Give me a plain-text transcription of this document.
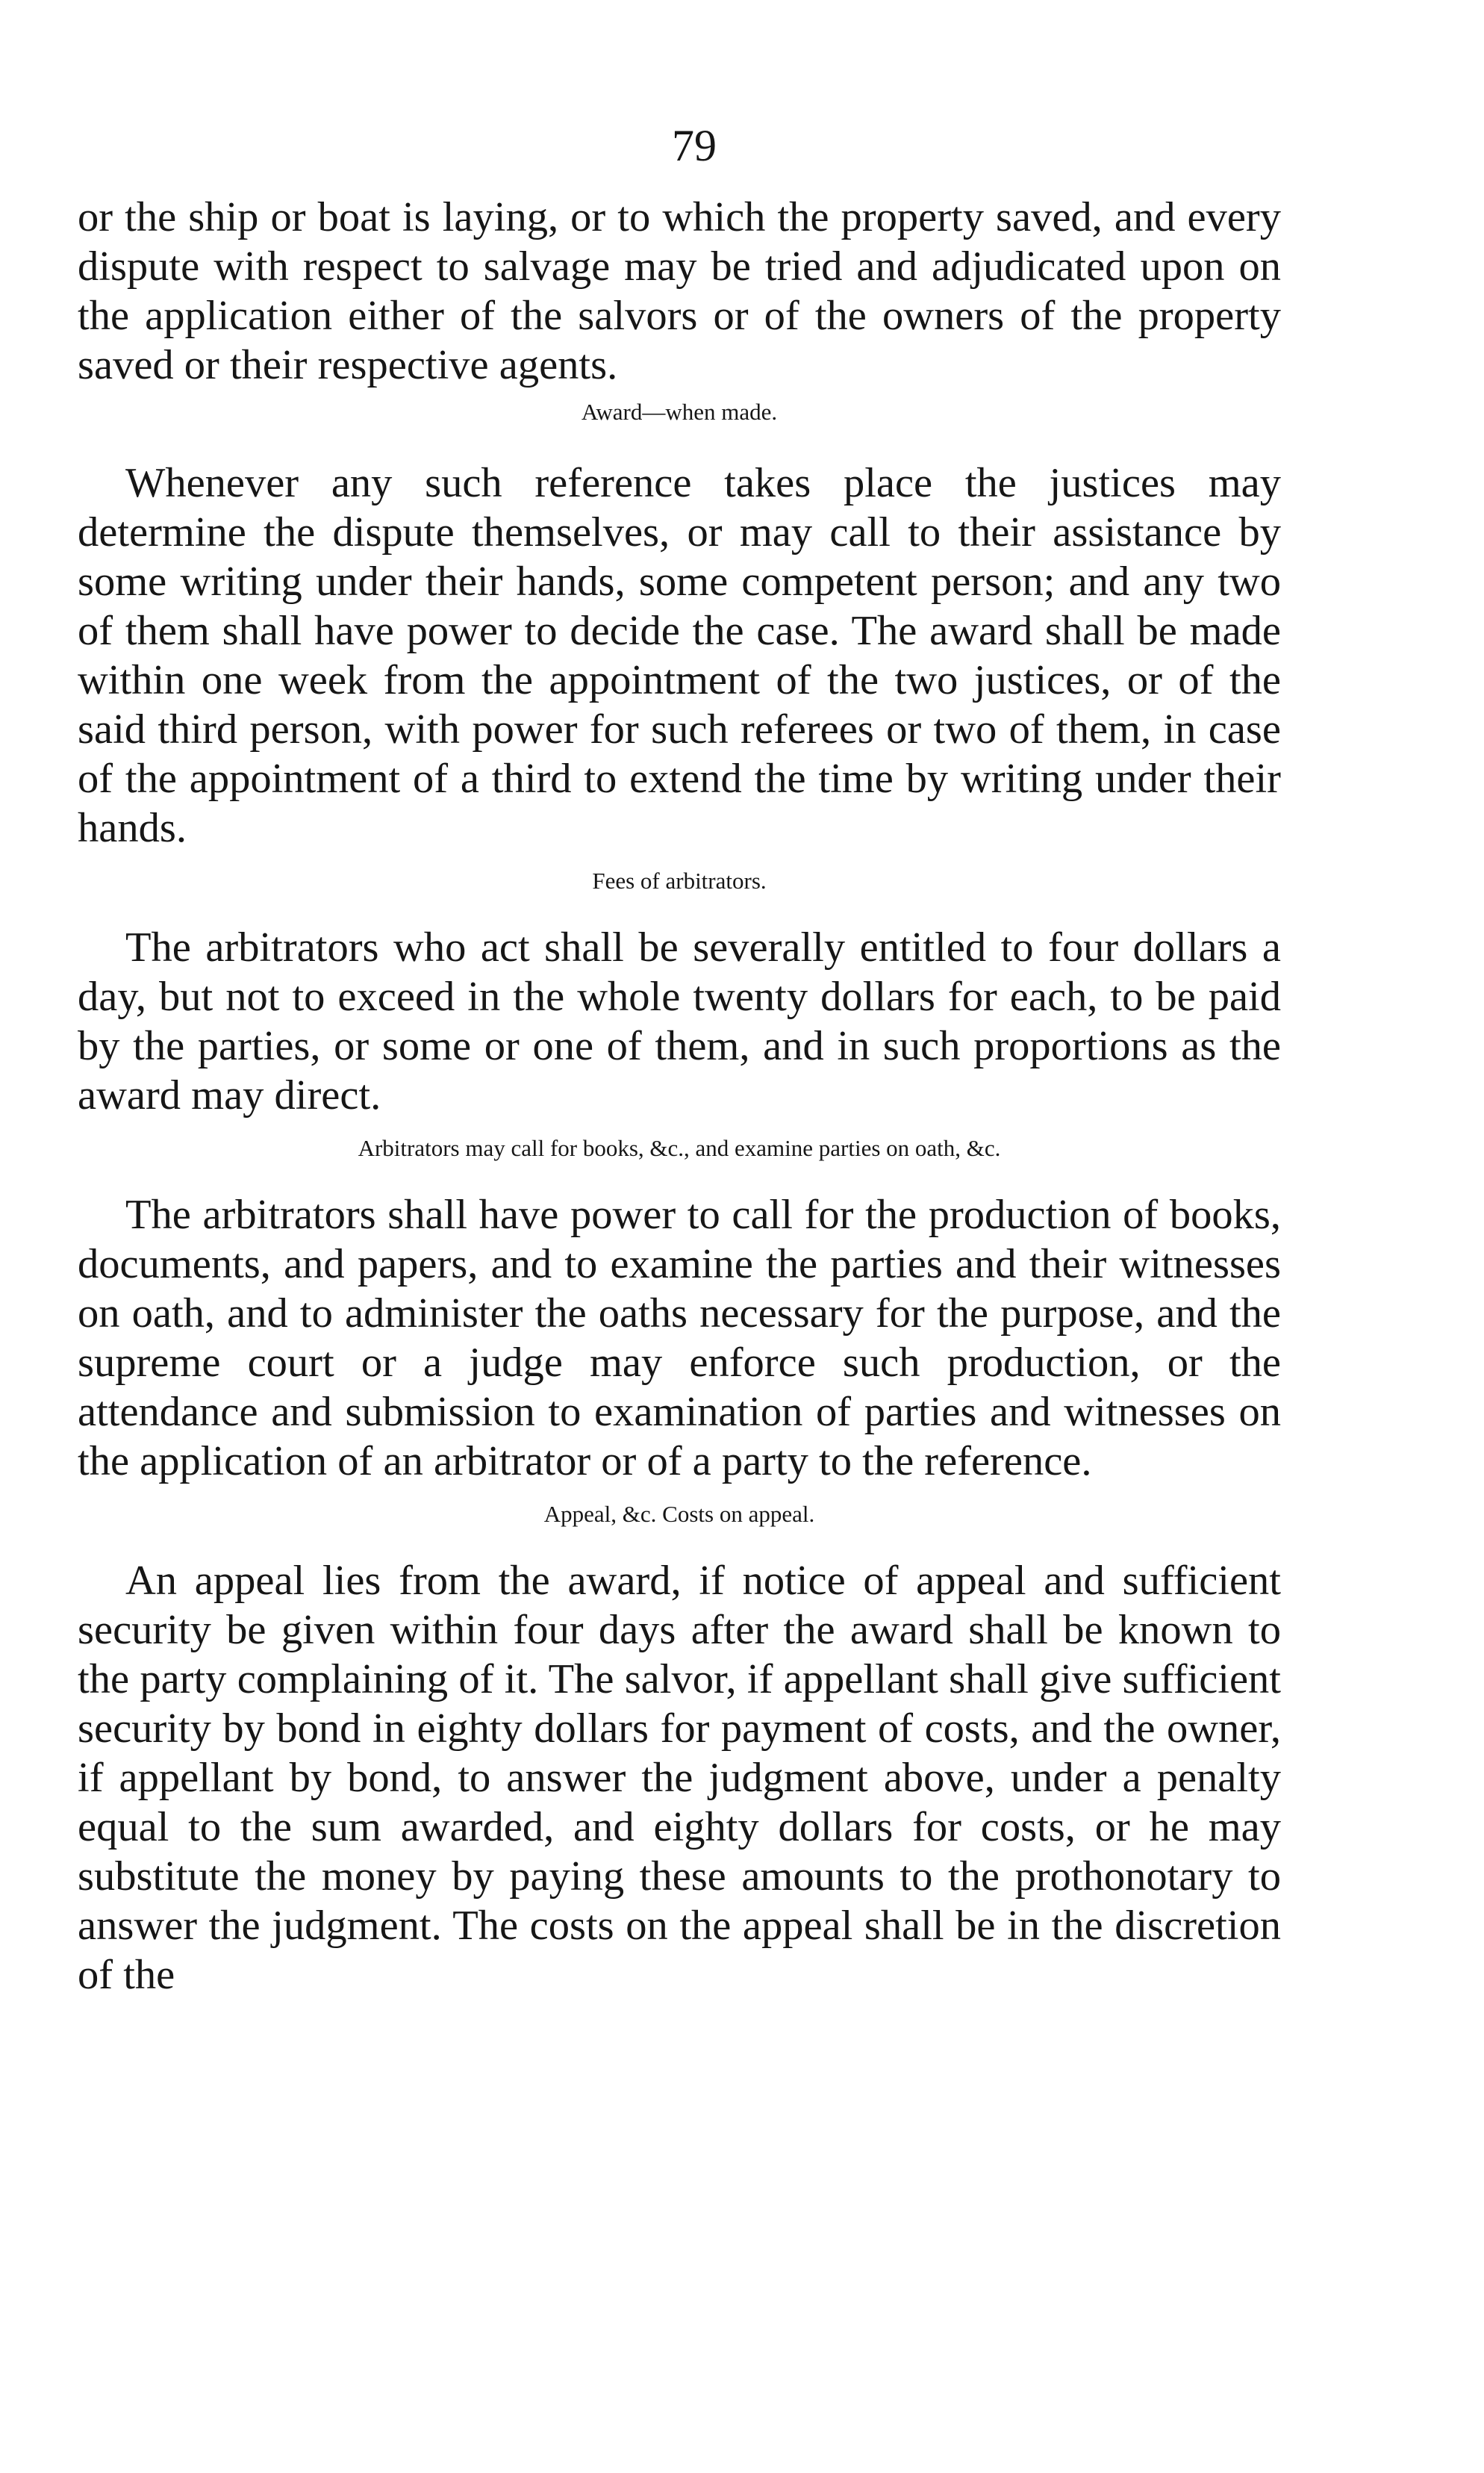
79

or the ship or boat is laying, or to which the property saved, and every dispute with respect to salvage may be tried and adjudicated upon on the application either of the salvors or of the owners of the property saved or their respective agents.

Award—when made.

Whenever any such reference takes place the justices may determine the dispute themselves, or may call to their assistance by some writing under their hands, some competent person; and any two of them shall have power to decide the case. The award shall be made within one week from the appointment of the two justices, or of the said third person, with power for such referees or two of them, in case of the appointment of a third to extend the time by writing under their hands.

Fees of arbitrators.

The arbitrators who act shall be severally entitled to four dollars a day, but not to exceed in the whole twenty dollars for each, to be paid by the parties, or some or one of them, and in such proportions as the award may direct.

Arbitrators may call for books, &c., and examine parties on oath, &c.

The arbitrators shall have power to call for the production of books, documents, and papers, and to examine the parties and their witnesses on oath, and to administer the oaths necessary for the purpose, and the supreme court or a judge may enforce such production, or the attendance and submission to examination of parties and witnesses on the application of an arbitrator or of a party to the reference.

Appeal, &c. Costs on appeal.

An appeal lies from the award, if notice of appeal and sufficient security be given within four days after the award shall be known to the party complaining of it. The salvor, if appellant shall give sufficient security by bond in eighty dollars for payment of costs, and the owner, if appellant by bond, to answer the judgment above, under a penalty equal to the sum awarded, and eighty dollars for costs, or he may substitute the money by paying these amounts to the prothonotary to answer the judgment. The costs on the appeal shall be in the discretion of the
